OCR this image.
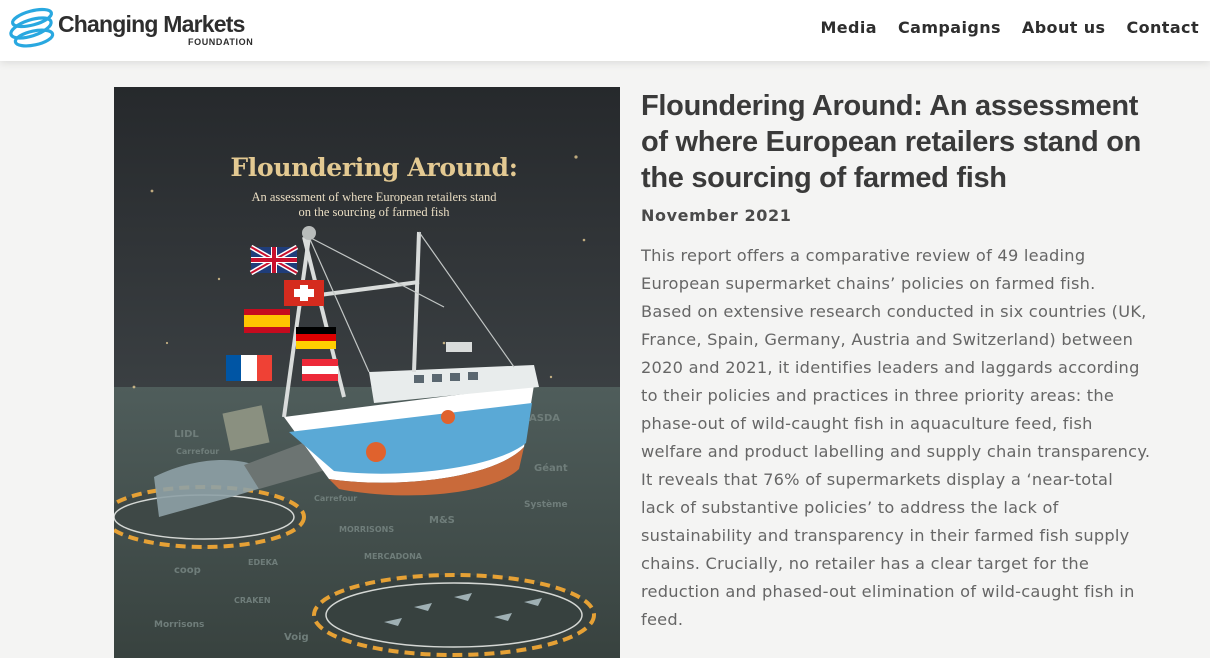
Changing Markets
FOUNDATION
Media Campaigns About us Contact
LIDL
Carrefour
ASDA
Géant
Système
M&S
Carrefour
MORRISONS
MERCADONA
EDEKA
coop
CRAKEN
Morrisons
Voig
Floundering Around:
An assessment of where European retailers stand
on the sourcing of farmed fish
Floundering Around: An assessment of where European retailers stand on the sourcing of farmed fish
November 2021

This report offers a comparative review of 49 leading European supermarket chains’ policies on farmed fish. Based on extensive research conducted in six countries (UK, France, Spain, Germany, Austria and Switzerland) between 2020 and 2021, it identifies leaders and laggards according to their policies and practices in three priority areas: the phase-out of wild-caught fish in aquaculture feed, fish welfare and product labelling and supply chain transparency. It reveals that 76% of supermarkets display a ‘near-total lack of substantive policies’ to address the lack of sustainability and transparency in their farmed fish supply chains. Crucially, no retailer has a clear target for the reduction and phased-out elimination of wild-caught fish in feed.
